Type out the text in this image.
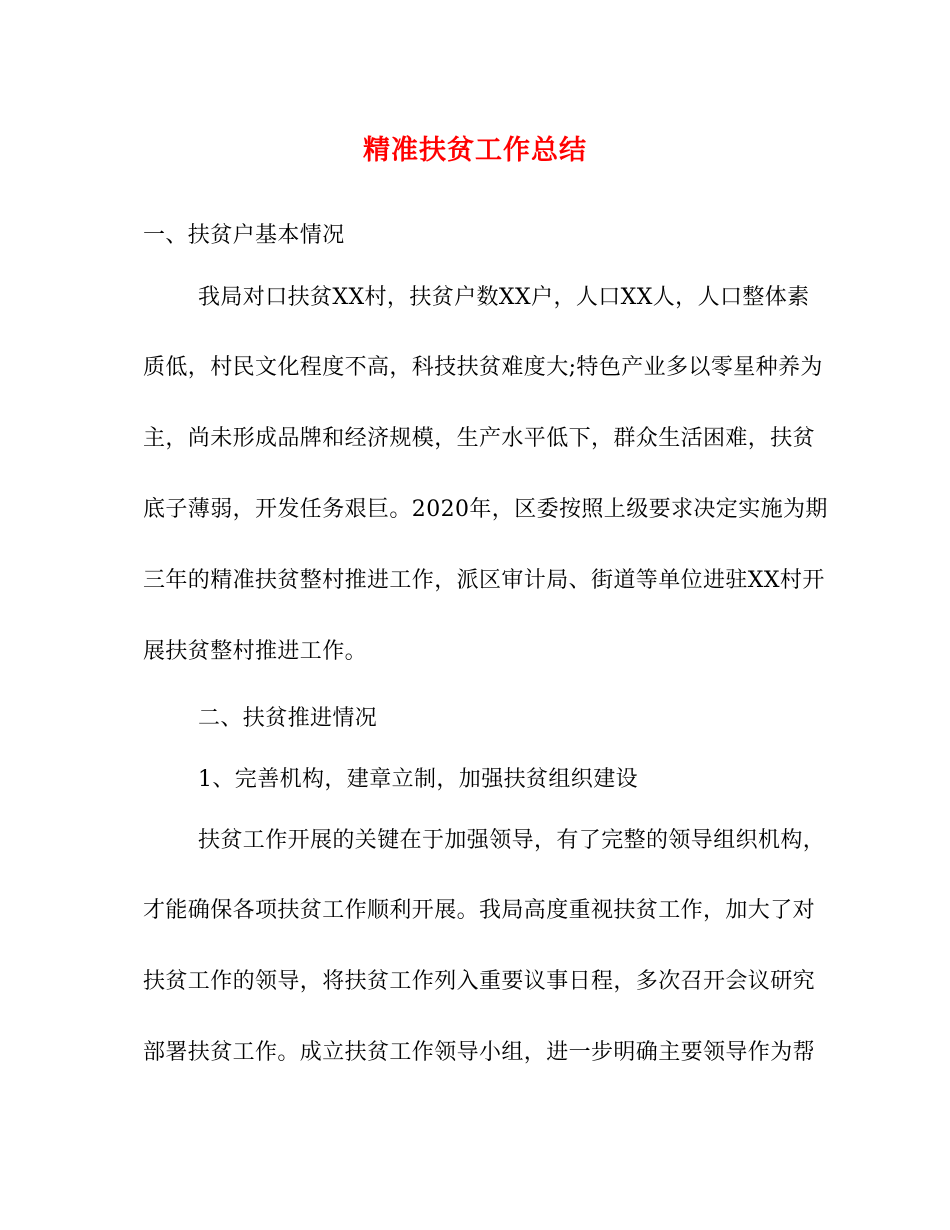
精准扶贫工作总结
一、扶贫户基本情况
我局对口扶贫XX村，扶贫户数XX户，人口XX人，人口整体素
质低，村民文化程度不高，科技扶贫难度大;特色产业多以零星种养为
主，尚未形成品牌和经济规模，生产水平低下，群众生活困难，扶贫
底子薄弱，开发任务艰巨。2020年，区委按照上级要求决定实施为期
三年的精准扶贫整村推进工作，派区审计局、街道等单位进驻XX村开
展扶贫整村推进工作。
二、扶贫推进情况
1、完善机构，建章立制，加强扶贫组织建设
扶贫工作开展的关键在于加强领导，有了完整的领导组织机构，
才能确保各项扶贫工作顺利开展。我局高度重视扶贫工作，加大了对
扶贫工作的领导，将扶贫工作列入重要议事日程，多次召开会议研究
部署扶贫工作。成立扶贫工作领导小组，进一步明确主要领导作为帮
